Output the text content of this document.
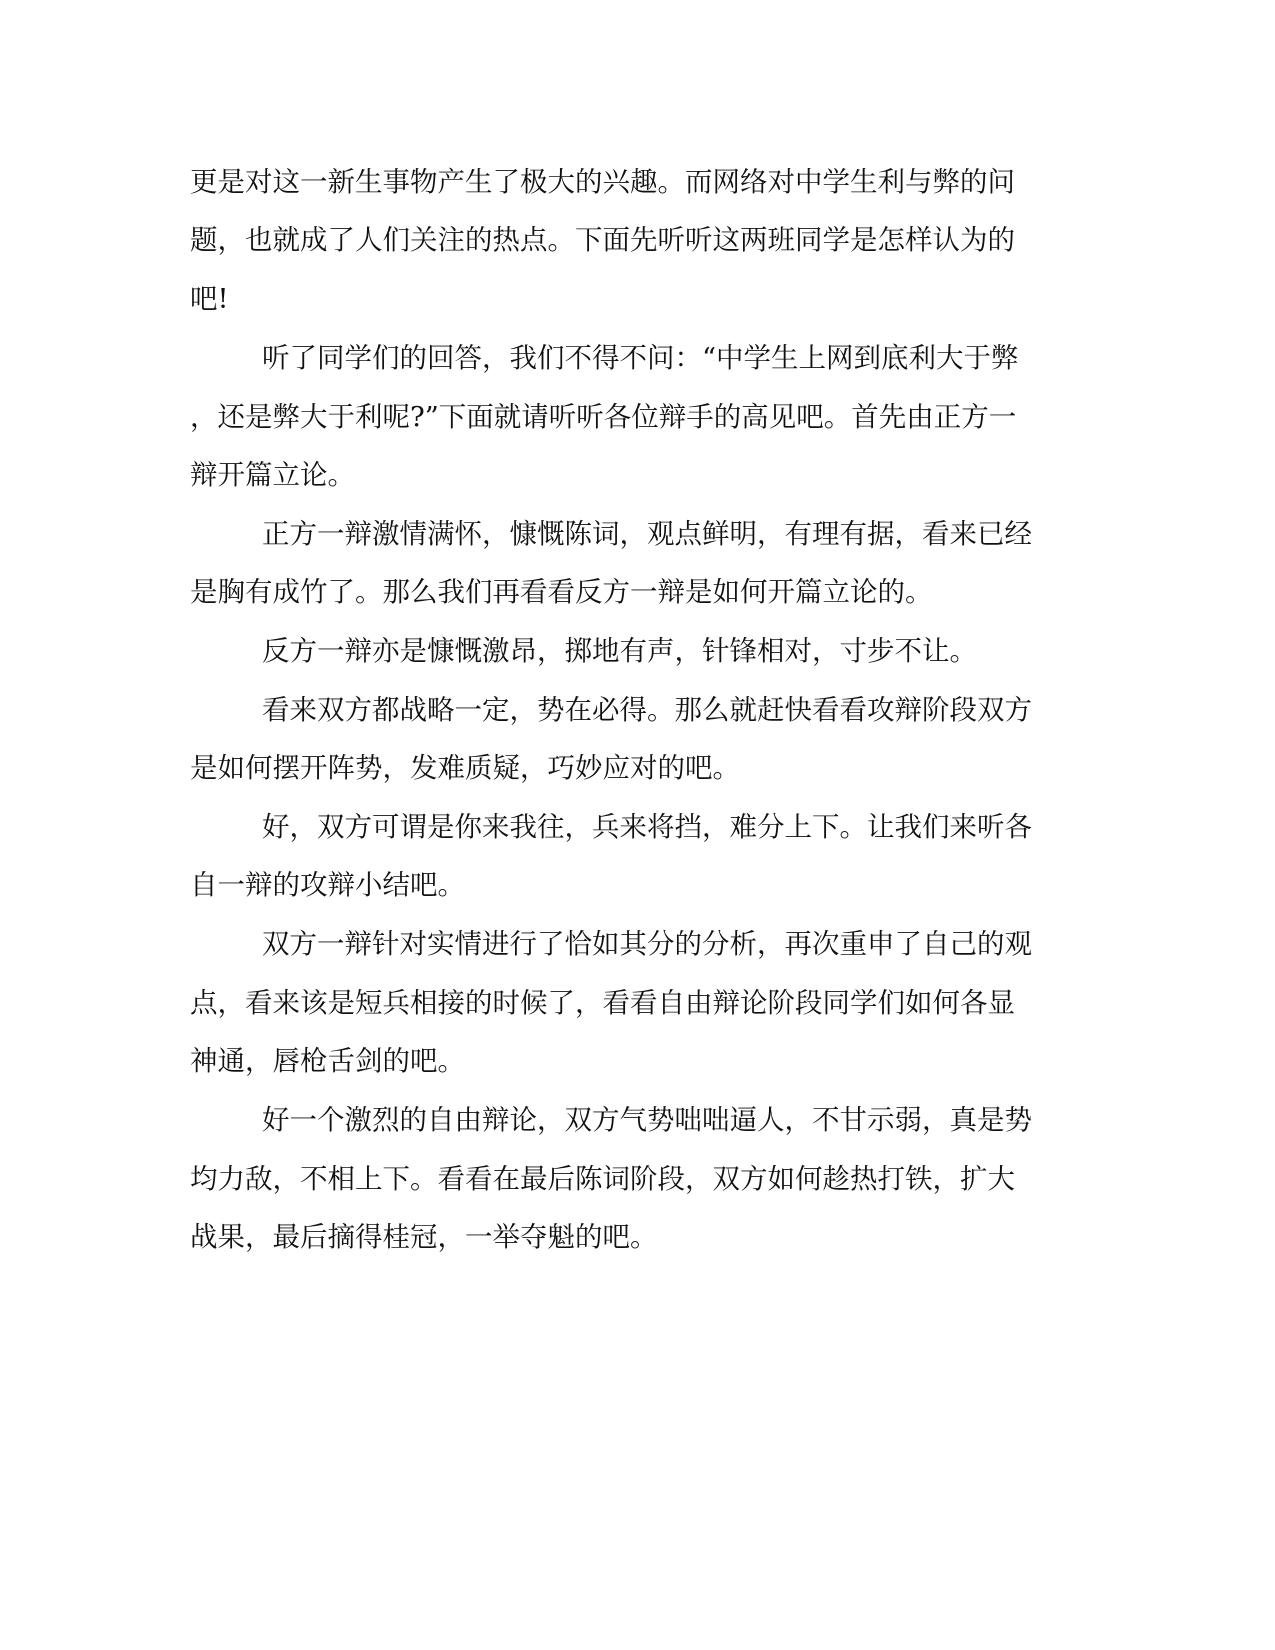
更是对这一新生事物产生了极大的兴趣。而网络对中学生利与弊的问
题，也就成了人们关注的热点。下面先听听这两班同学是怎样认为的
吧!
听了同学们的回答，我们不得不问：“中学生上网到底利大于弊
，还是弊大于利呢?”下面就请听听各位辩手的高见吧。首先由正方一
辩开篇立论。
正方一辩激情满怀，慷慨陈词，观点鲜明，有理有据，看来已经
是胸有成竹了。那么我们再看看反方一辩是如何开篇立论的。
反方一辩亦是慷慨激昂，掷地有声，针锋相对，寸步不让。
看来双方都战略一定，势在必得。那么就赶快看看攻辩阶段双方
是如何摆开阵势，发难质疑，巧妙应对的吧。
好，双方可谓是你来我往，兵来将挡，难分上下。让我们来听各
自一辩的攻辩小结吧。
双方一辩针对实情进行了恰如其分的分析，再次重申了自己的观
点，看来该是短兵相接的时候了，看看自由辩论阶段同学们如何各显
神通，唇枪舌剑的吧。
好一个激烈的自由辩论，双方气势咄咄逼人，不甘示弱，真是势
均力敌，不相上下。看看在最后陈词阶段，双方如何趁热打铁，扩大
战果，最后摘得桂冠，一举夺魁的吧。
